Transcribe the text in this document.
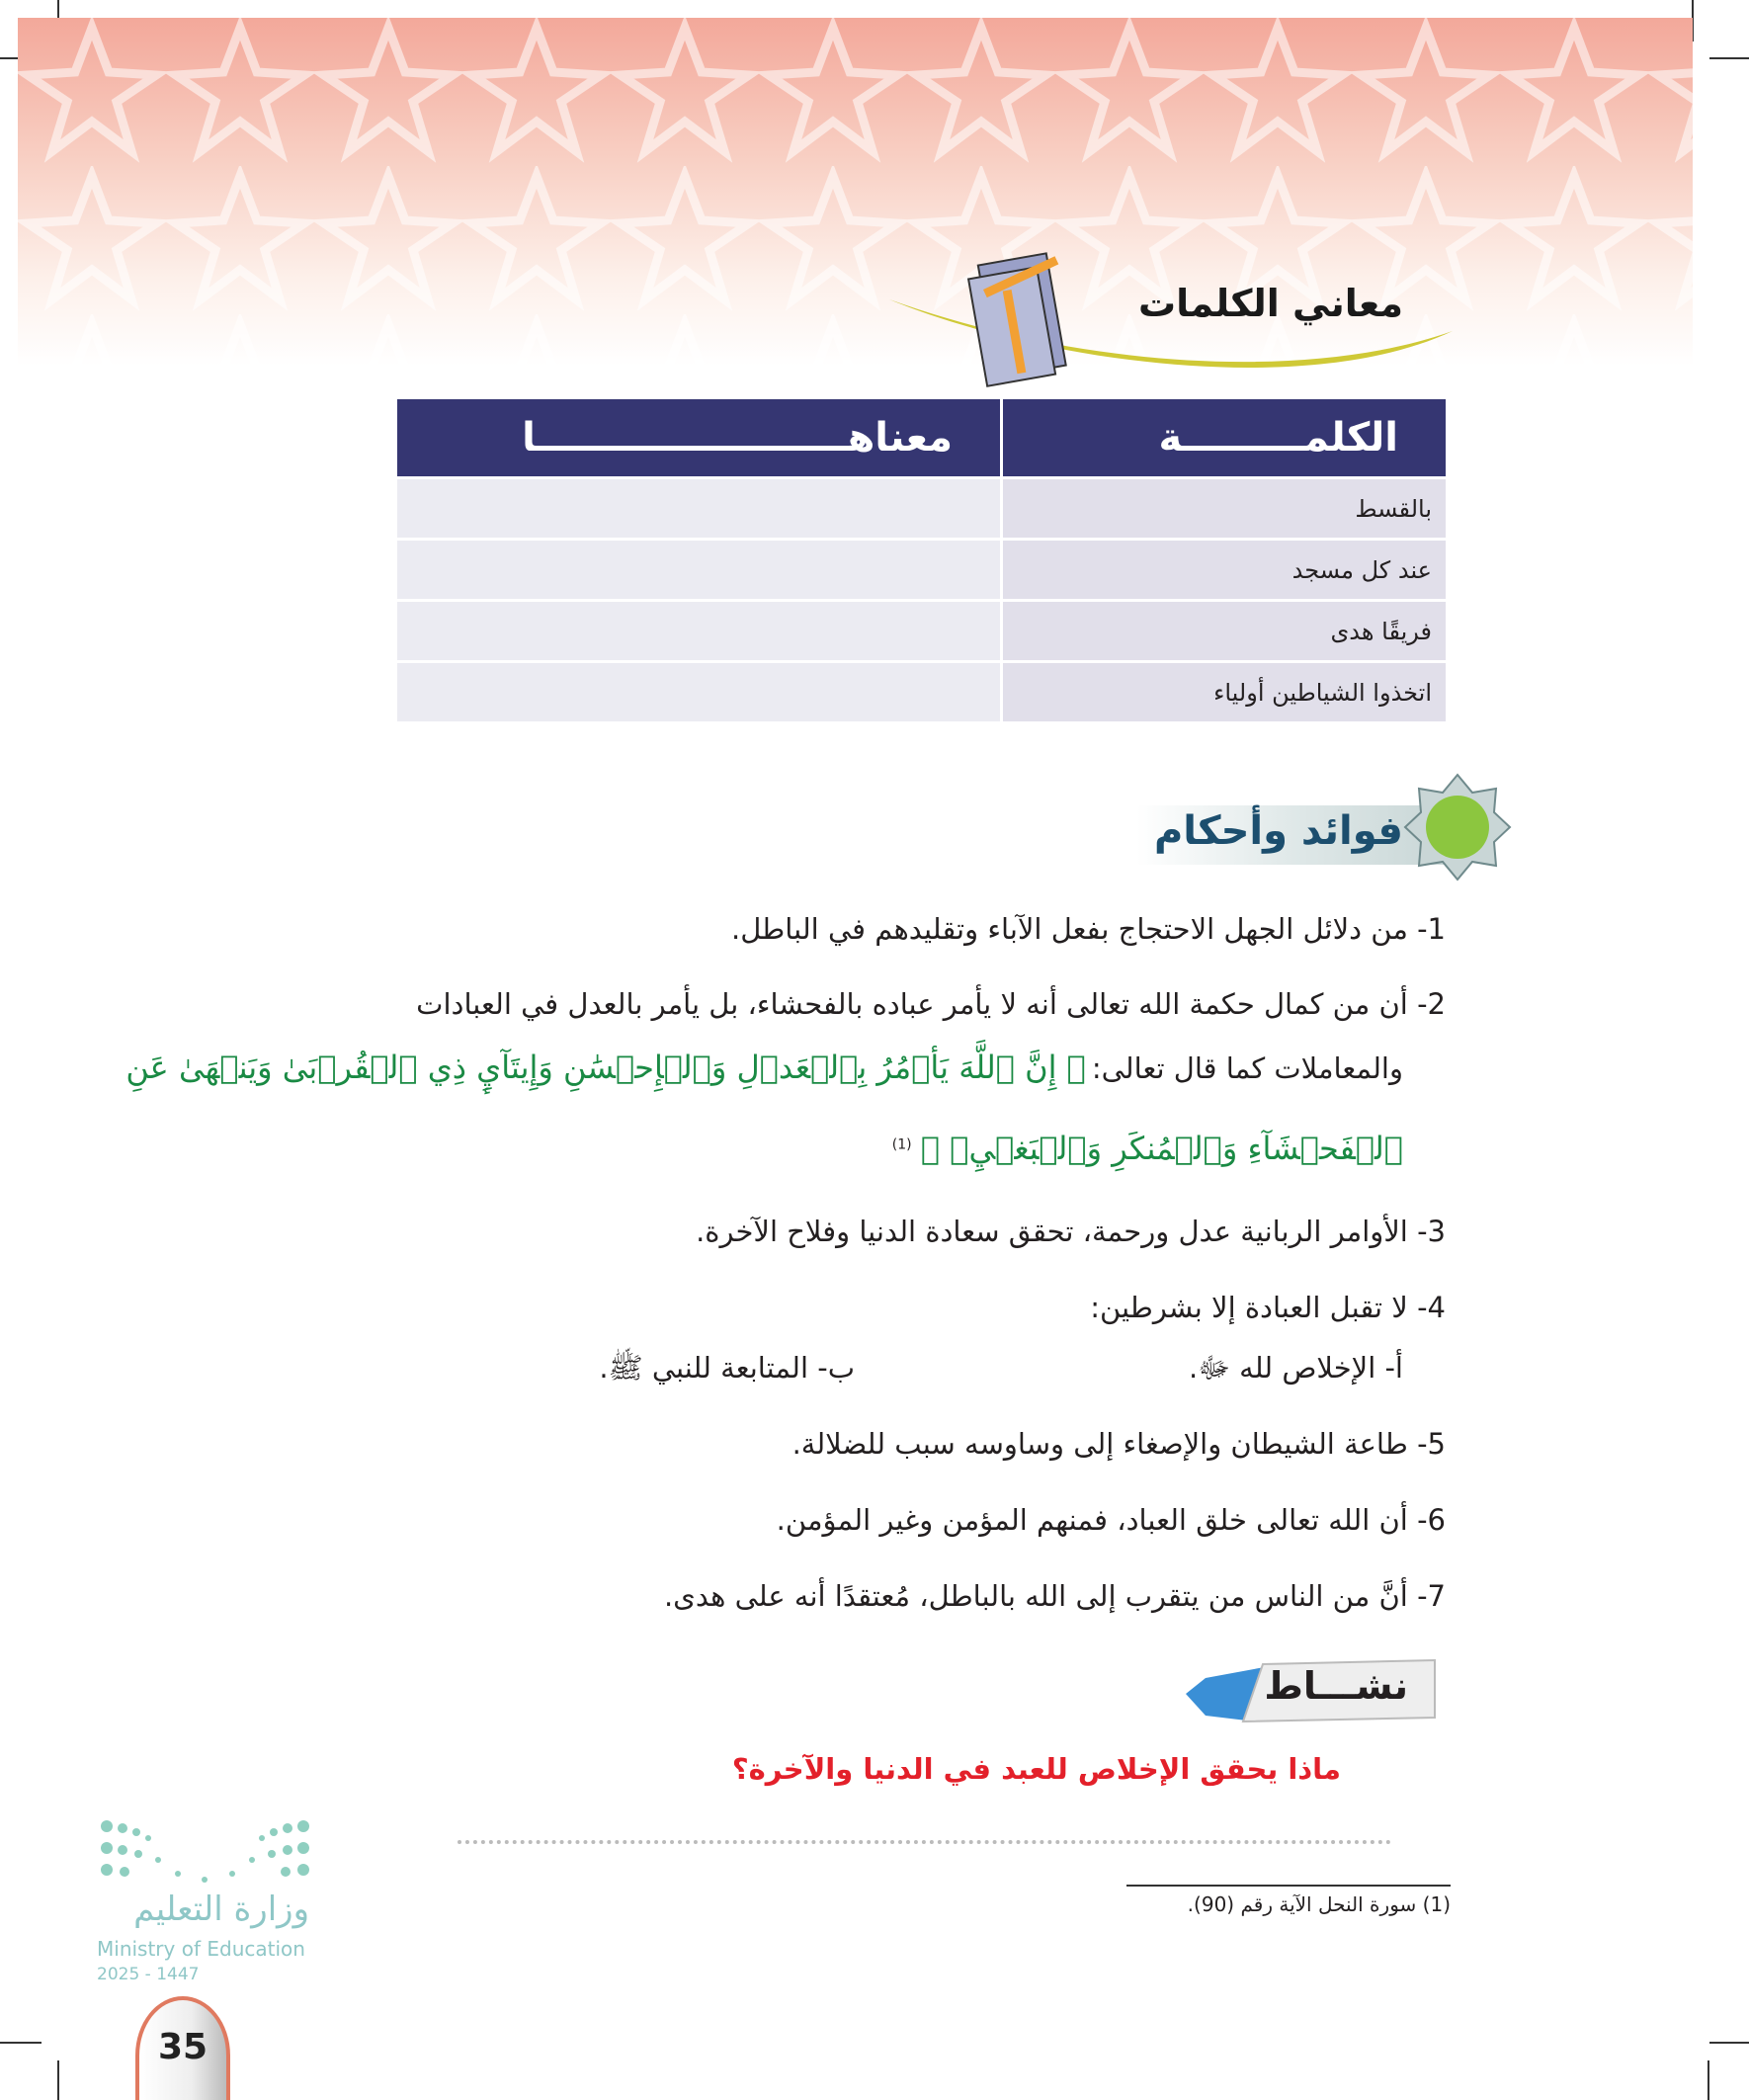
معاني الكلمات
الكلمـــــــــة	معناهـــــــــــــــــــــــا
بالقسط	
عند كل مسجد	
فريقًا هدى	
اتخذوا الشياطين أولياء	
فوائد وأحكام
1- من دلائل الجهل الاحتجاج بفعل الآباء وتقليدهم في الباطل.
2- أن من كمال حكمة الله تعالى أنه لا يأمر عباده بالفحشاء، بل يأمر بالعدل في العبادات
والمعاملات كما قال تعالى:
﴿ إِنَّ ٱللَّهَ يَأۡمُرُ بِٱلۡعَدۡلِ وَٱلۡإِحۡسَٰنِ وَإِيتَآيِٕ ذِي ٱلۡقُرۡبَىٰ وَيَنۡهَىٰ عَنِ
ٱلۡفَحۡشَآءِ وَٱلۡمُنكَرِ وَٱلۡبَغۡيِۚ ﴾ $^{(1)}$
3- الأوامر الربانية عدل ورحمة، تحقق سعادة الدنيا وفلاح الآخرة.
4- لا تقبل العبادة إلا بشرطين:
أ- الإخلاص لله ﷻ.
ب- المتابعة للنبي ﷺ.
5- طاعة الشيطان والإصغاء إلى وساوسه سبب للضلالة.
6- أن الله تعالى خلق العباد، فمنهم المؤمن وغير المؤمن.
7- أنَّ من الناس من يتقرب إلى الله بالباطل، مُعتقدًا أنه على هدى.
نشـــاط
ماذا يحقق الإخلاص للعبد في الدنيا والآخرة؟
(1) سورة النحل الآية رقم (90).
وزارة التعليم
Ministry of Education
2025 - 1447
35
